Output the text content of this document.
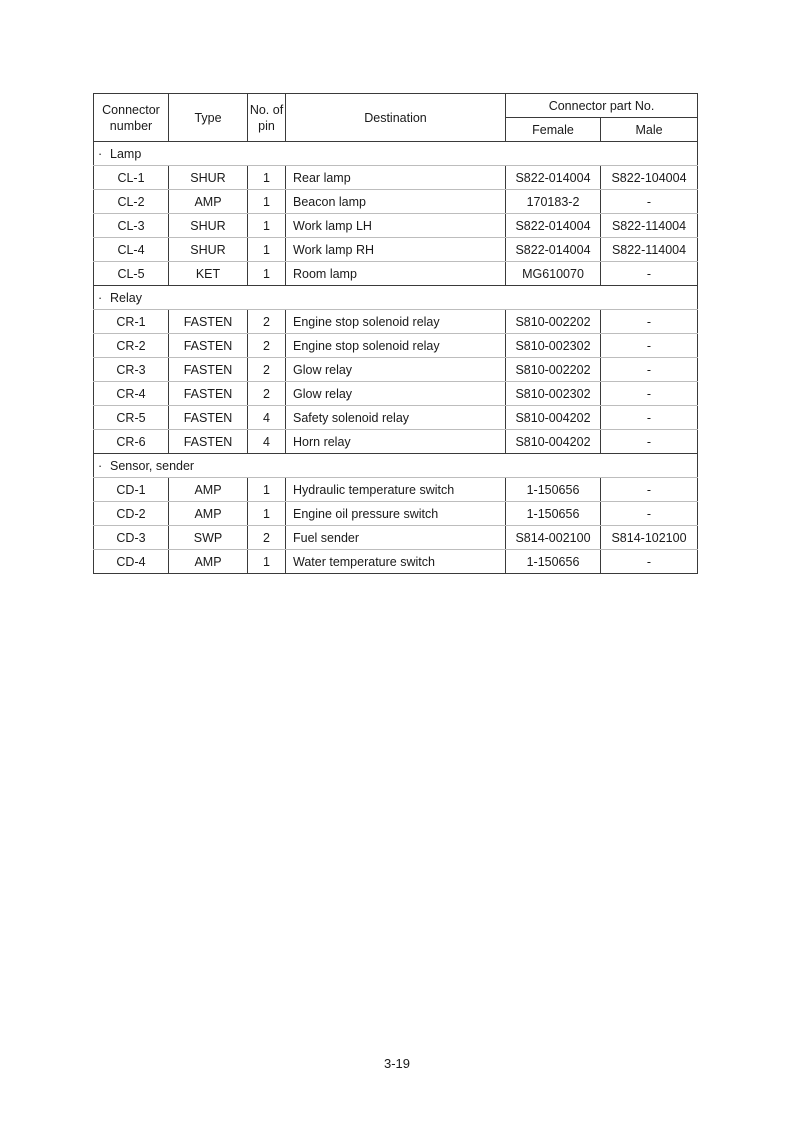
Connector number	Type	No. of pin	Destination	Connector part No.	
				Female	Male
· Lamp					
CL-1	SHUR	1	Rear lamp	S822-014004	S822-104004
CL-2	AMP	1	Beacon lamp	170183-2	-
CL-3	SHUR	1	Work lamp LH	S822-014004	S822-114004
CL-4	SHUR	1	Work lamp RH	S822-014004	S822-114004
CL-5	KET	1	Room lamp	MG610070	-
· Relay					
CR-1	FASTEN	2	Engine stop solenoid relay	S810-002202	-
CR-2	FASTEN	2	Engine stop solenoid relay	S810-002302	-
CR-3	FASTEN	2	Glow relay	S810-002202	-
CR-4	FASTEN	2	Glow relay	S810-002302	-
CR-5	FASTEN	4	Safety solenoid relay	S810-004202	-
CR-6	FASTEN	4	Horn relay	S810-004202	-
· Sensor, sender					
CD-1	AMP	1	Hydraulic temperature switch	1-150656	-
CD-2	AMP	1	Engine oil pressure switch	1-150656	-
CD-3	SWP	2	Fuel sender	S814-002100	S814-102100
CD-4	AMP	1	Water temperature switch	1-150656	-
3-19
